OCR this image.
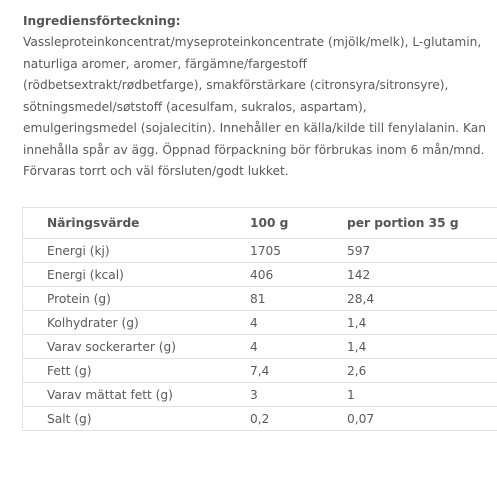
Ingrediensförteckning:

Vassleproteinkoncentrat/myseproteinkoncentrate (mjölk/melk), L-glutamin,
naturliga aromer, aromer, färgämne/fargestoff
(rödbetsextrakt/rødbetfarge), smakförstärkare (citronsyra/sitronsyre),
sötningsmedel/søtstoff (acesulfam, sukralos, aspartam),
emulgeringsmedel (sojalecitin). Innehåller en källa/kilde till fenylalanin. Kan
innehålla spår av ägg. Öppnad förpackning bör förbrukas inom 6 mån/mnd.
Förvaras torrt och väl försluten/godt lukket.

Näringsvärde	100 g	per portion 35 g
Energi (kj)	1705	597
Energi (kcal)	406	142
Protein (g)	81	28,4
Kolhydrater (g)	4	1,4
Varav sockerarter (g)	4	1,4
Fett (g)	7,4	2,6
Varav mättat fett (g)	3	1
Salt (g)	0,2	0,07
